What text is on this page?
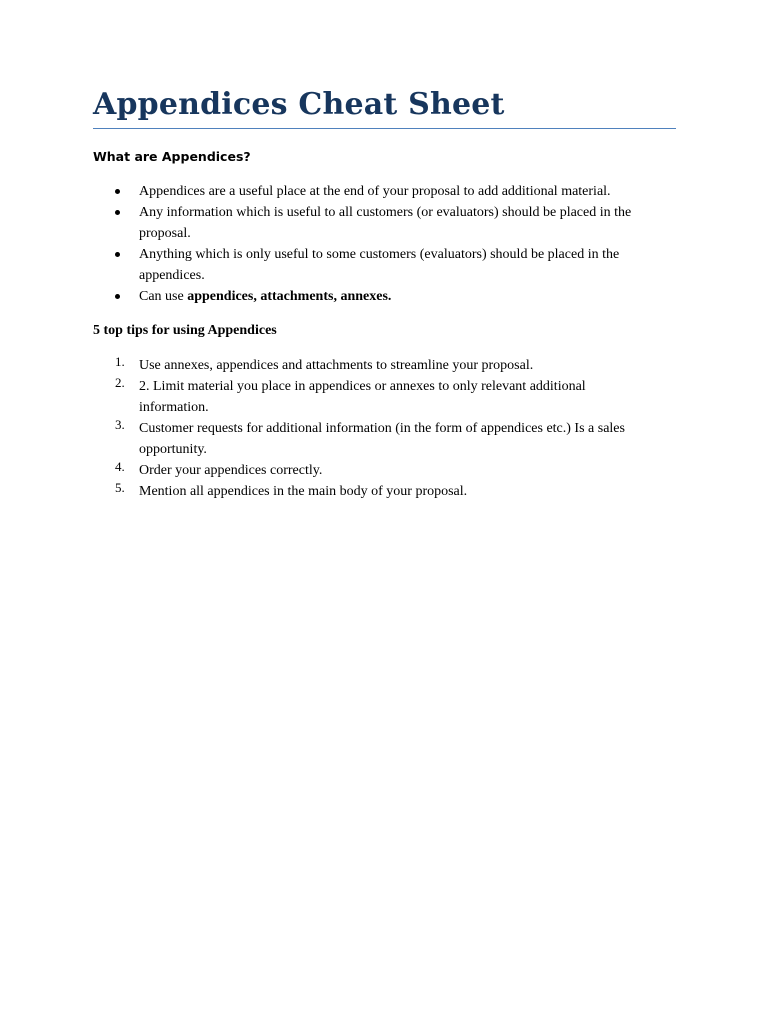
Appendices Cheat Sheet

What are Appendices?

Appendices are a useful place at the end of your proposal to add additional material.
Any information which is useful to all customers (or evaluators) should be placed in the proposal.
Anything which is only useful to some customers (evaluators) should be placed in the appendices.
Can use appendices, attachments, annexes.

5 top tips for using Appendices

1. Use annexes, appendices and attachments to streamline your proposal.
2. 2. Limit material you place in appendices or annexes to only relevant additional information.
3. Customer requests for additional information (in the form of appendices etc.) Is a sales opportunity.
4. Order your appendices correctly.
5. Mention all appendices in the main body of your proposal.
